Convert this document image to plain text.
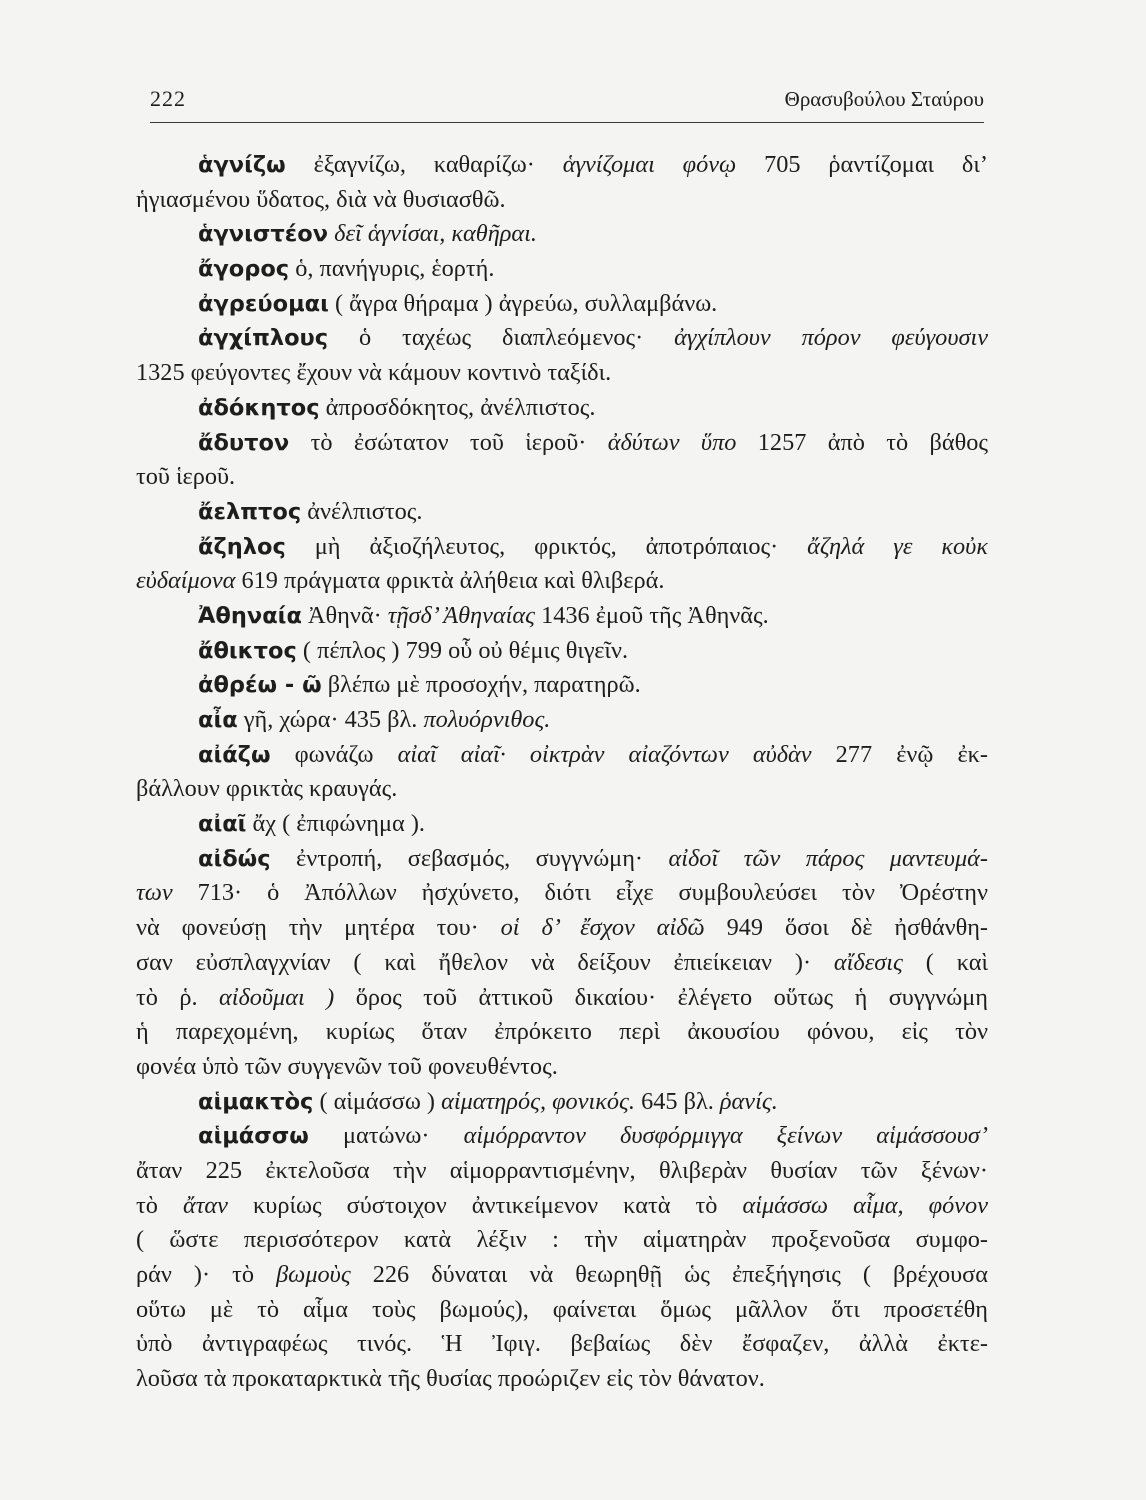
222	Θρασυβούλου Σταύρου
ἁγνίζω ἐξαγνίζω, καθαρίζω· ἁγνίζομαι φόνῳ 705 ῥαντίζομαι δι’
ἡγιασμένου ὕδατος, διὰ νὰ θυσιασθῶ.
ἁγνιστέον δεῖ ἁγνίσαι, καθῆραι.
ἄγορος ὁ, πανήγυρις, ἑορτή.
ἀγρεύομαι ( ἄγρα θήραμα ) ἀγρεύω, συλλαμβάνω.
ἀγχίπλους ὁ ταχέως διαπλεόμενος· ἀγχίπλουν πόρον φεύγουσιν
1325 φεύγοντες ἔχουν νὰ κάμουν κοντινὸ ταξίδι.
ἀδόκητος ἀπροσδόκητος, ἀνέλπιστος.
ἄδυτον τὸ ἐσώτατον τοῦ ἱεροῦ· ἀδύτων ὕπο 1257 ἀπὸ τὸ βάθος
τοῦ ἱεροῦ.
ἄελπτος ἀνέλπιστος.
ἄζηλος μὴ ἀξιοζήλευτος, φρικτός, ἀποτρόπαιος· ἄζηλά γε κοὐκ
εὐδαίμονα 619 πράγματα φρικτὰ ἀλήθεια καὶ θλιβερά.
Ἀθηναία Ἀθηνᾶ· τῇσδ’ Ἀθηναίας 1436 ἐμοῦ τῆς Ἀθηνᾶς.
ἄθικτος ( πέπλος ) 799 οὗ οὐ θέμις θιγεῖν.
ἀθρέω - ῶ βλέπω μὲ προσοχήν, παρατηρῶ.
αἶα γῆ, χώρα· 435 βλ. πολυόρνιθος.
αἰάζω φωνάζω αἰαῖ αἰαῖ· οἰκτρὰν αἰαζόντων αὐδὰν 277 ἐνῷ ἐκ-
βάλλουν φρικτὰς κραυγάς.
αἰαῖ ἄχ ( ἐπιφώνημα ).
αἰδώς ἐντροπή, σεβασμός, συγγνώμη· αἰδοῖ τῶν πάρος μαντευμά-
των 713· ὁ Ἀπόλλων ἠσχύνετο, διότι εἶχε συμβουλεύσει τὸν Ὀρέστην
νὰ φονεύσῃ τὴν μητέρα του· οἱ δ’ ἔσχον αἰδῶ 949 ὅσοι δὲ ἠσθάνθη-
σαν εὐσπλαγχνίαν ( καὶ ἤθελον νὰ δείξουν ἐπιείκειαν )· αἴδεσις ( καὶ
τὸ ῥ. αἰδοῦμαι ) ὅρος τοῦ ἀττικοῦ δικαίου· ἐλέγετο οὕτως ἡ συγγνώμη
ἡ παρεχομένη, κυρίως ὅταν ἐπρόκειτο περὶ ἀκουσίου φόνου, εἰς τὸν
φονέα ὑπὸ τῶν συγγενῶν τοῦ φονευθέντος.
αἱμακτὸς ( αἱμάσσω ) αἱματηρός, φονικός. 645 βλ. ῥανίς.
αἱμάσσω ματώνω· αἱμόρραντον δυσφόρμιγγα ξείνων αἱμάσσουσ’
ἄταν 225 ἐκτελοῦσα τὴν αἱμορραντισμένην, θλιβερὰν θυσίαν τῶν ξένων·
τὸ ἄταν κυρίως σύστοιχον ἀντικείμενον κατὰ τὸ αἱμάσσω αἷμα, φόνον
( ὥστε περισσότερον κατὰ λέξιν : τὴν αἱματηρὰν προξενοῦσα συμφο-
ράν )· τὸ βωμοὺς 226 δύναται νὰ θεωρηθῇ ὡς ἐπεξήγησις ( βρέχουσα
οὕτω μὲ τὸ αἷμα τοὺς βωμούς), φαίνεται ὅμως μᾶλλον ὅτι προσετέθη
ὑπὸ ἀντιγραφέως τινός. Ἡ Ἰφιγ. βεβαίως δὲν ἔσφαζεν, ἀλλὰ ἐκτε-
λοῦσα τὰ προκαταρκτικὰ τῆς θυσίας προώριζεν εἰς τὸν θάνατον.
